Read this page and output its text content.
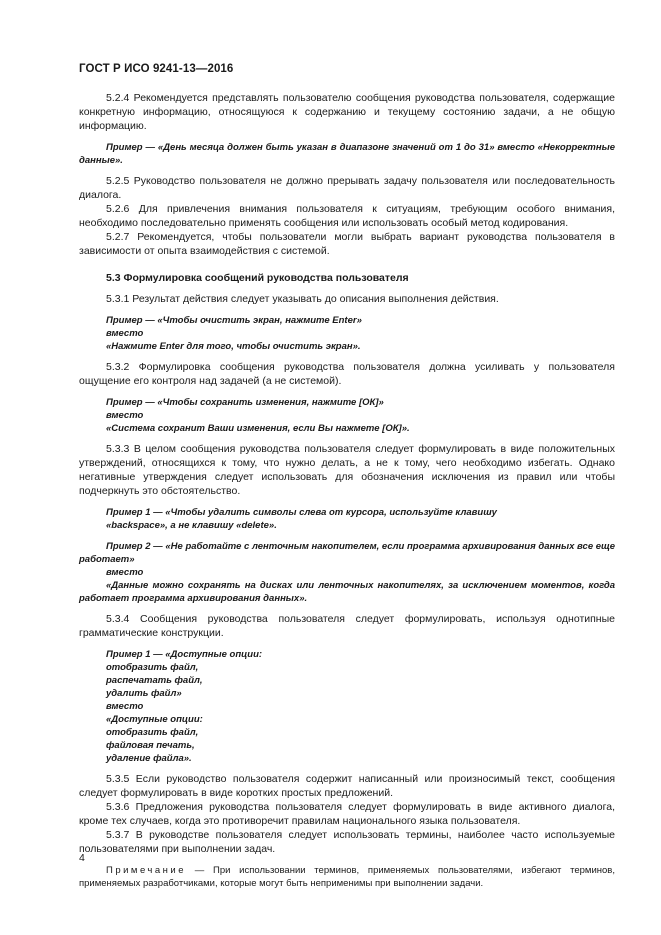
ГОСТ Р ИСО 9241-13—2016

5.2.4 Рекомендуется представлять пользователю сообщения руководства пользователя, содержащие конкретную информацию, относящуюся к содержанию и текущему состоянию задачи, а не общую информацию.

Пример — «День месяца должен быть указан в диапазоне значений от 1 до 31» вместо «Некорректные данные».

5.2.5 Руководство пользователя не должно прерывать задачу пользователя или последовательность диалога.

5.2.6 Для привлечения внимания пользователя к ситуациям, требующим особого внимания, необходимо последовательно применять сообщения или использовать особый метод кодирования.

5.2.7 Рекомендуется, чтобы пользователи могли выбрать вариант руководства пользователя в зависимости от опыта взаимодействия с системой.

5.3 Формулировка сообщений руководства пользователя

5.3.1 Результат действия следует указывать до описания выполнения действия.

Пример — «Чтобы очистить экран, нажмите Enter»
вместо
«Нажмите Enter для того, чтобы очистить экран».

5.3.2 Формулировка сообщения руководства пользователя должна усиливать у пользователя ощущение его контроля над задачей (а не системой).

Пример — «Чтобы сохранить изменения, нажмите [ОК]»
вместо
«Система сохранит Ваши изменения, если Вы нажмете [ОК]».

5.3.3 В целом сообщения руководства пользователя следует формулировать в виде положительных утверждений, относящихся к тому, что нужно делать, а не к тому, чего необходимо избегать. Однако негативные утверждения следует использовать для обозначения исключения из правил или чтобы подчеркнуть это обстоятельство.

Пример 1 — «Чтобы удалить символы слева от курсора, используйте клавишу
«backspace», а не клавишу «delete».

Пример 2 — «Не работайте с ленточным накопителем, если программа архивирования данных все еще работает»

вместо

«Данные можно сохранять на дисках или ленточных накопителях, за исключением моментов, когда работает программа архивирования данных».

5.3.4 Сообщения руководства пользователя следует формулировать, используя однотипные грамматические конструкции.

Пример 1 — «Доступные опции:
отобразить файл,
распечатать файл,
удалить файл»
вместо
«Доступные опции:
отобразить файл,
файловая печать,
удаление файла».

5.3.5 Если руководство пользователя содержит написанный или произносимый текст, сообщения следует формулировать в виде коротких простых предложений.

5.3.6 Предложения руководства пользователя следует формулировать в виде активного диалога, кроме тех случаев, когда это противоречит правилам национального языка пользователя.

5.3.7 В руководстве пользователя следует использовать термины, наиболее часто используемые пользователями при выполнении задач.

Примечание — При использовании терминов, применяемых пользователями, избегают терминов, применяемых разработчиками, которые могут быть неприменимы при выполнении задачи.

4
